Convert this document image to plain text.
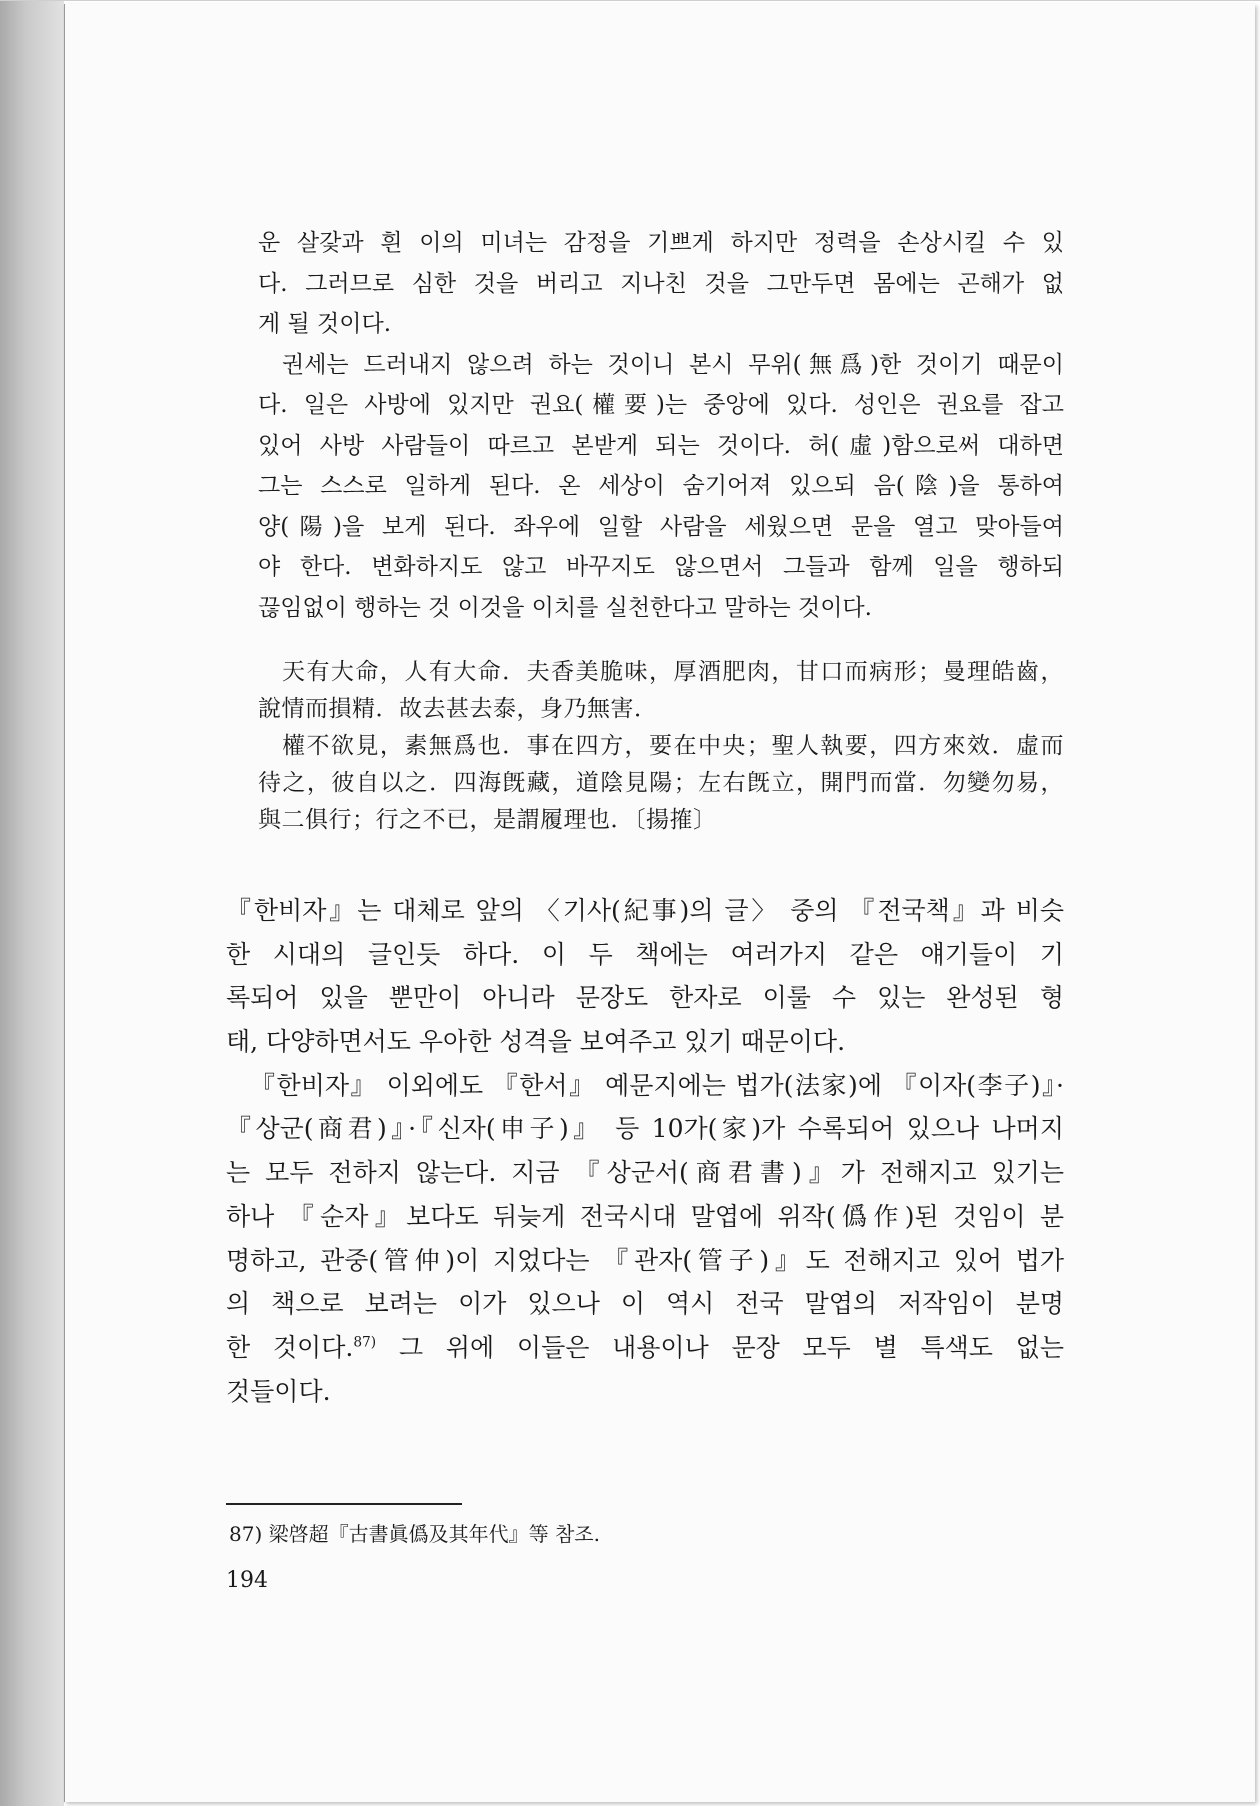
운 살갗과 흰 이의 미녀는 감정을 기쁘게 하지만 정력을 손상시킬 수 있
다. 그러므로 심한 것을 버리고 지나친 것을 그만두면 몸에는 곤해가 없
게 될 것이다.
권세는 드러내지 않으려 하는 것이니 본시 무위(無爲)한 것이기 때문이
다. 일은 사방에 있지만 권요(權要)는 중앙에 있다. 성인은 권요를 잡고
있어 사방 사람들이 따르고 본받게 되는 것이다. 허(虛)함으로써 대하면
그는 스스로 일하게 된다. 온 세상이 숨기어져 있으되 음(陰)을 통하여
양(陽)을 보게 된다. 좌우에 일할 사람을 세웠으면 문을 열고 맞아들여
야 한다. 변화하지도 않고 바꾸지도 않으면서 그들과 함께 일을 행하되
끊임없이 행하는 것 이것을 이치를 실천한다고 말하는 것이다.
天有大命，人有大命．夫香美脆味，厚酒肥肉，甘口而病形；曼理皓齒，
說情而損精．故去甚去泰，身乃無害．
權不欲見，素無爲也．事在四方，要在中央；聖人執要，四方來效．虛而
待之，彼自以之．四海旣藏，道陰見陽；左右旣立，開門而當．勿變勿易，
與二俱行；行之不已，是謂履理也．〔揚搉〕
『한비자』는 대체로 앞의 〈기사(紀事)의 글〉 중의 『전국책』과 비슷
한 시대의 글인듯 하다. 이 두 책에는 여러가지 같은 얘기들이 기
록되어 있을 뿐만이 아니라 문장도 한자로 이룰 수 있는 완성된 형
태, 다양하면서도 우아한 성격을 보여주고 있기 때문이다.
『한비자』 이외에도 『한서』 예문지에는 법가(法家)에 『이자(李子)』·
『상군(商君)』·『신자(申子)』 등 10가(家)가 수록되어 있으나 나머지
는 모두 전하지 않는다. 지금 『상군서(商君書)』가 전해지고 있기는
하나 『순자』보다도 뒤늦게 전국시대 말엽에 위작(僞作)된 것임이 분
명하고, 관중(管仲)이 지었다는 『관자(管子)』도 전해지고 있어 법가
의 책으로 보려는 이가 있으나 이 역시 전국 말엽의 저작임이 분명
한 것이다.$^{87)}$ 그 위에 이들은 내용이나 문장 모두 별 특색도 없는
것들이다.
87) 梁啓超『古書眞僞及其年代』等 참조.
194
